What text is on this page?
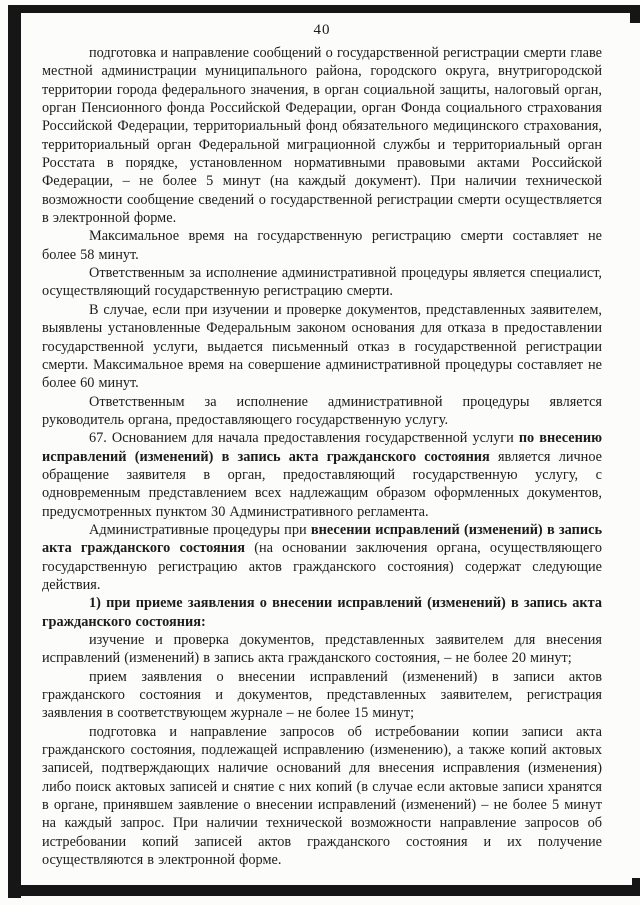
40

подготовка и направление сообщений о государственной регистрации смерти главе местной администрации муниципального района, городского округа, внутригородской территории города федерального значения, в орган социальной защиты, налоговый орган, орган Пенсионного фонда Российской Федерации, орган Фонда социального страхования Российской Федерации, территориальный фонд обязательного медицинского страхования, территориальный орган Федеральной миграционной службы и территориальный орган Росстата в порядке, установленном нормативными правовыми актами Российской Федерации, – не более 5 минут (на каждый документ). При наличии технической возможности сообщение сведений о государственной регистрации смерти осуществляется в электронной форме.

Максимальное время на государственную регистрацию смерти составляет не более 58 минут.

Ответственным за исполнение административной процедуры является специалист, осуществляющий государственную регистрацию смерти.

В случае, если при изучении и проверке документов, представленных заявителем, выявлены установленные Федеральным законом основания для отказа в предоставлении государственной услуги, выдается письменный отказ в государственной регистрации смерти. Максимальное время на совершение административной процедуры составляет не более 60 минут.

Ответственным за исполнение административной процедуры является руководитель органа, предоставляющего государственную услугу.

67. Основанием для начала предоставления государственной услуги по внесению исправлений (изменений) в запись акта гражданского состояния является личное обращение заявителя в орган, предоставляющий государственную услугу, с одновременным представлением всех надлежащим образом оформленных документов, предусмотренных пунктом 30 Административного регламента.

Административные процедуры при внесении исправлений (изменений) в запись акта гражданского состояния (на основании заключения органа, осуществляющего государственную регистрацию актов гражданского состояния) содержат следующие действия.

1) при приеме заявления о внесении исправлений (изменений) в запись акта гражданского состояния:

изучение и проверка документов, представленных заявителем для внесения исправлений (изменений) в запись акта гражданского состояния, – не более 20 минут;

прием заявления о внесении исправлений (изменений) в записи актов гражданского состояния и документов, представленных заявителем, регистрация заявления в соответствующем журнале – не более 15 минут;

подготовка и направление запросов об истребовании копии записи акта гражданского состояния, подлежащей исправлению (изменению), а также копий актовых записей, подтверждающих наличие оснований для внесения исправления (изменения) либо поиск актовых записей и снятие с них копий (в случае если актовые записи хранятся в органе, принявшем заявление о внесении исправлений (изменений) – не более 5 минут на каждый запрос. При наличии технической возможности направление запросов об истребовании копий записей актов гражданского состояния и их получение осуществляются в электронной форме.
